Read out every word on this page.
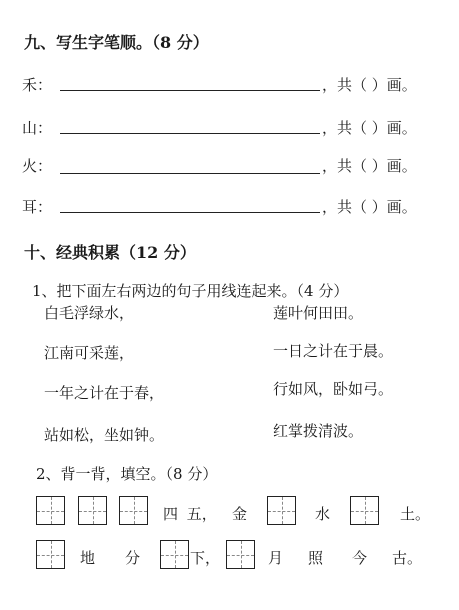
九、写生字笔顺。（8 分）
禾：	，共（ ）画。
山：	，共（ ）画。
火：	，共（ ）画。
耳：	，共（ ）画。
十、经典积累（12 分）
1、把下面左右两边的句子用线连起来。（4 分）
白毛浮绿水，
江南可采莲，
一年之计在于春，
站如松，坐如钟。
莲叶何田田。
一日之计在于晨。
行如风，卧如弓。
红掌拨清波。
2、背一背，填空。（8 分）
四 五， 金	水	土。
地 分	下，	月 照 今 古。
